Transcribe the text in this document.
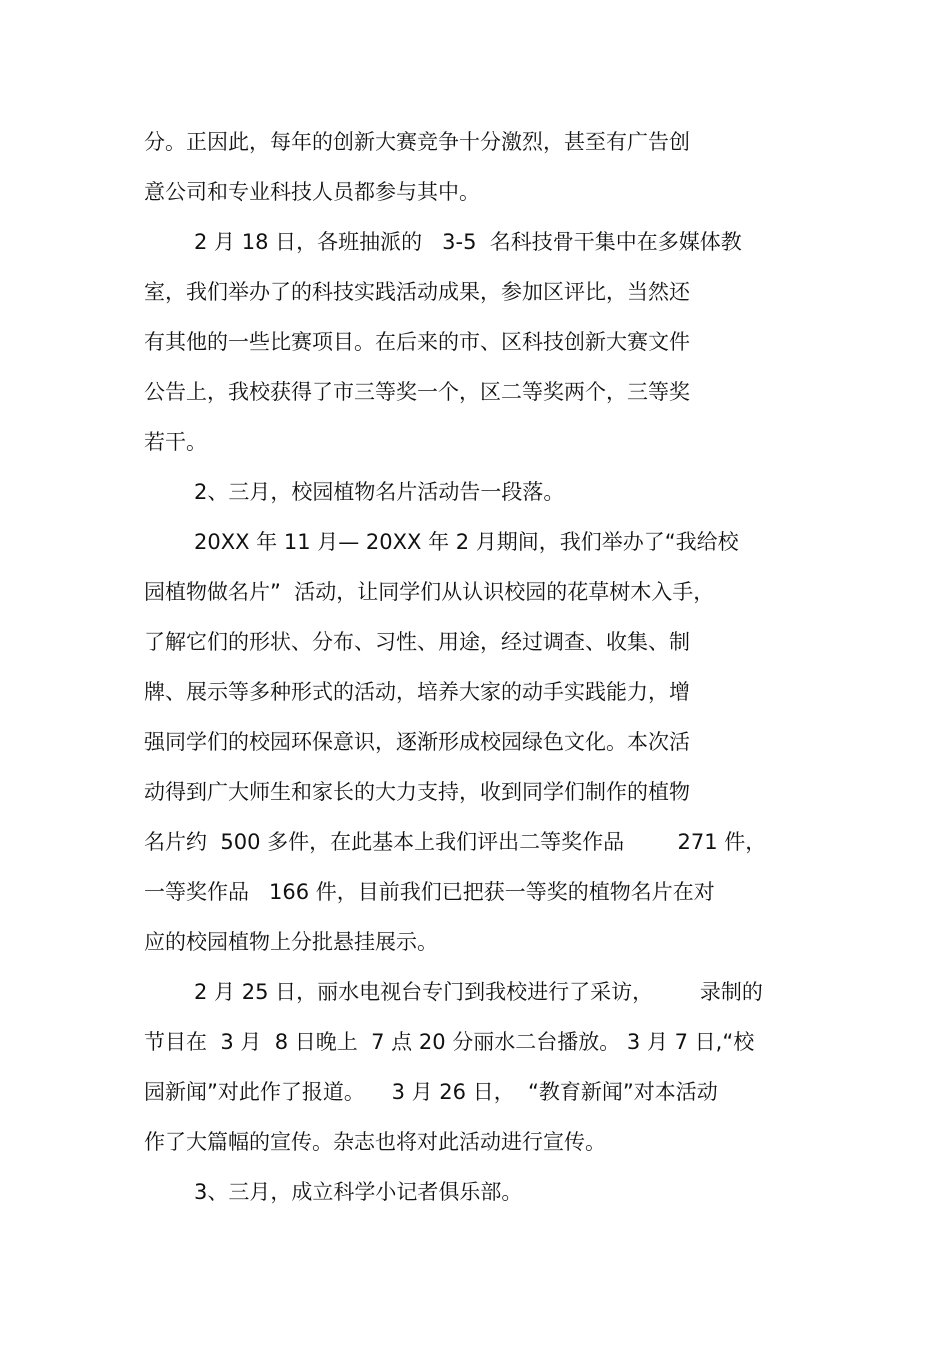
分。正因此，每年的创新大赛竞争十分激烈，甚至有广告创

意公司和专业科技人员都参与其中。

2 月 18 日，各班抽派的   3-5  名科技骨干集中在多媒体教

室，我们举办了的科技实践活动成果，参加区评比，当然还

有其他的一些比赛项目。在后来的市、区科技创新大赛文件

公告上，我校获得了市三等奖一个，区二等奖两个，三等奖

若干。

2、三月，校园植物名片活动告一段落。

20XX 年 11 月— 20XX 年 2 月期间，我们举办了“我给校

园植物做名片”  活动，让同学们从认识校园的花草树木入手，

了解它们的形状、分布、习性、用途，经过调查、收集、制

牌、展示等多种形式的活动，培养大家的动手实践能力，增

强同学们的校园环保意识，逐渐形成校园绿色文化。本次活

动得到广大师生和家长的大力支持，收到同学们制作的植物

名片约  500 多件，在此基本上我们评出二等奖作品        271 件，

一等奖作品   166 件，目前我们已把获一等奖的植物名片在对

应的校园植物上分批悬挂展示。

2 月 25 日，丽水电视台专门到我校进行了采访，       录制的

节目在  3 月  8 日晚上  7 点 20 分丽水二台播放。 3 月 7 日,“校

园新闻”对此作了报道。    3 月 26 日，  “教育新闻”对本活动

作了大篇幅的宣传。杂志也将对此活动进行宣传。

3、三月，成立科学小记者俱乐部。
